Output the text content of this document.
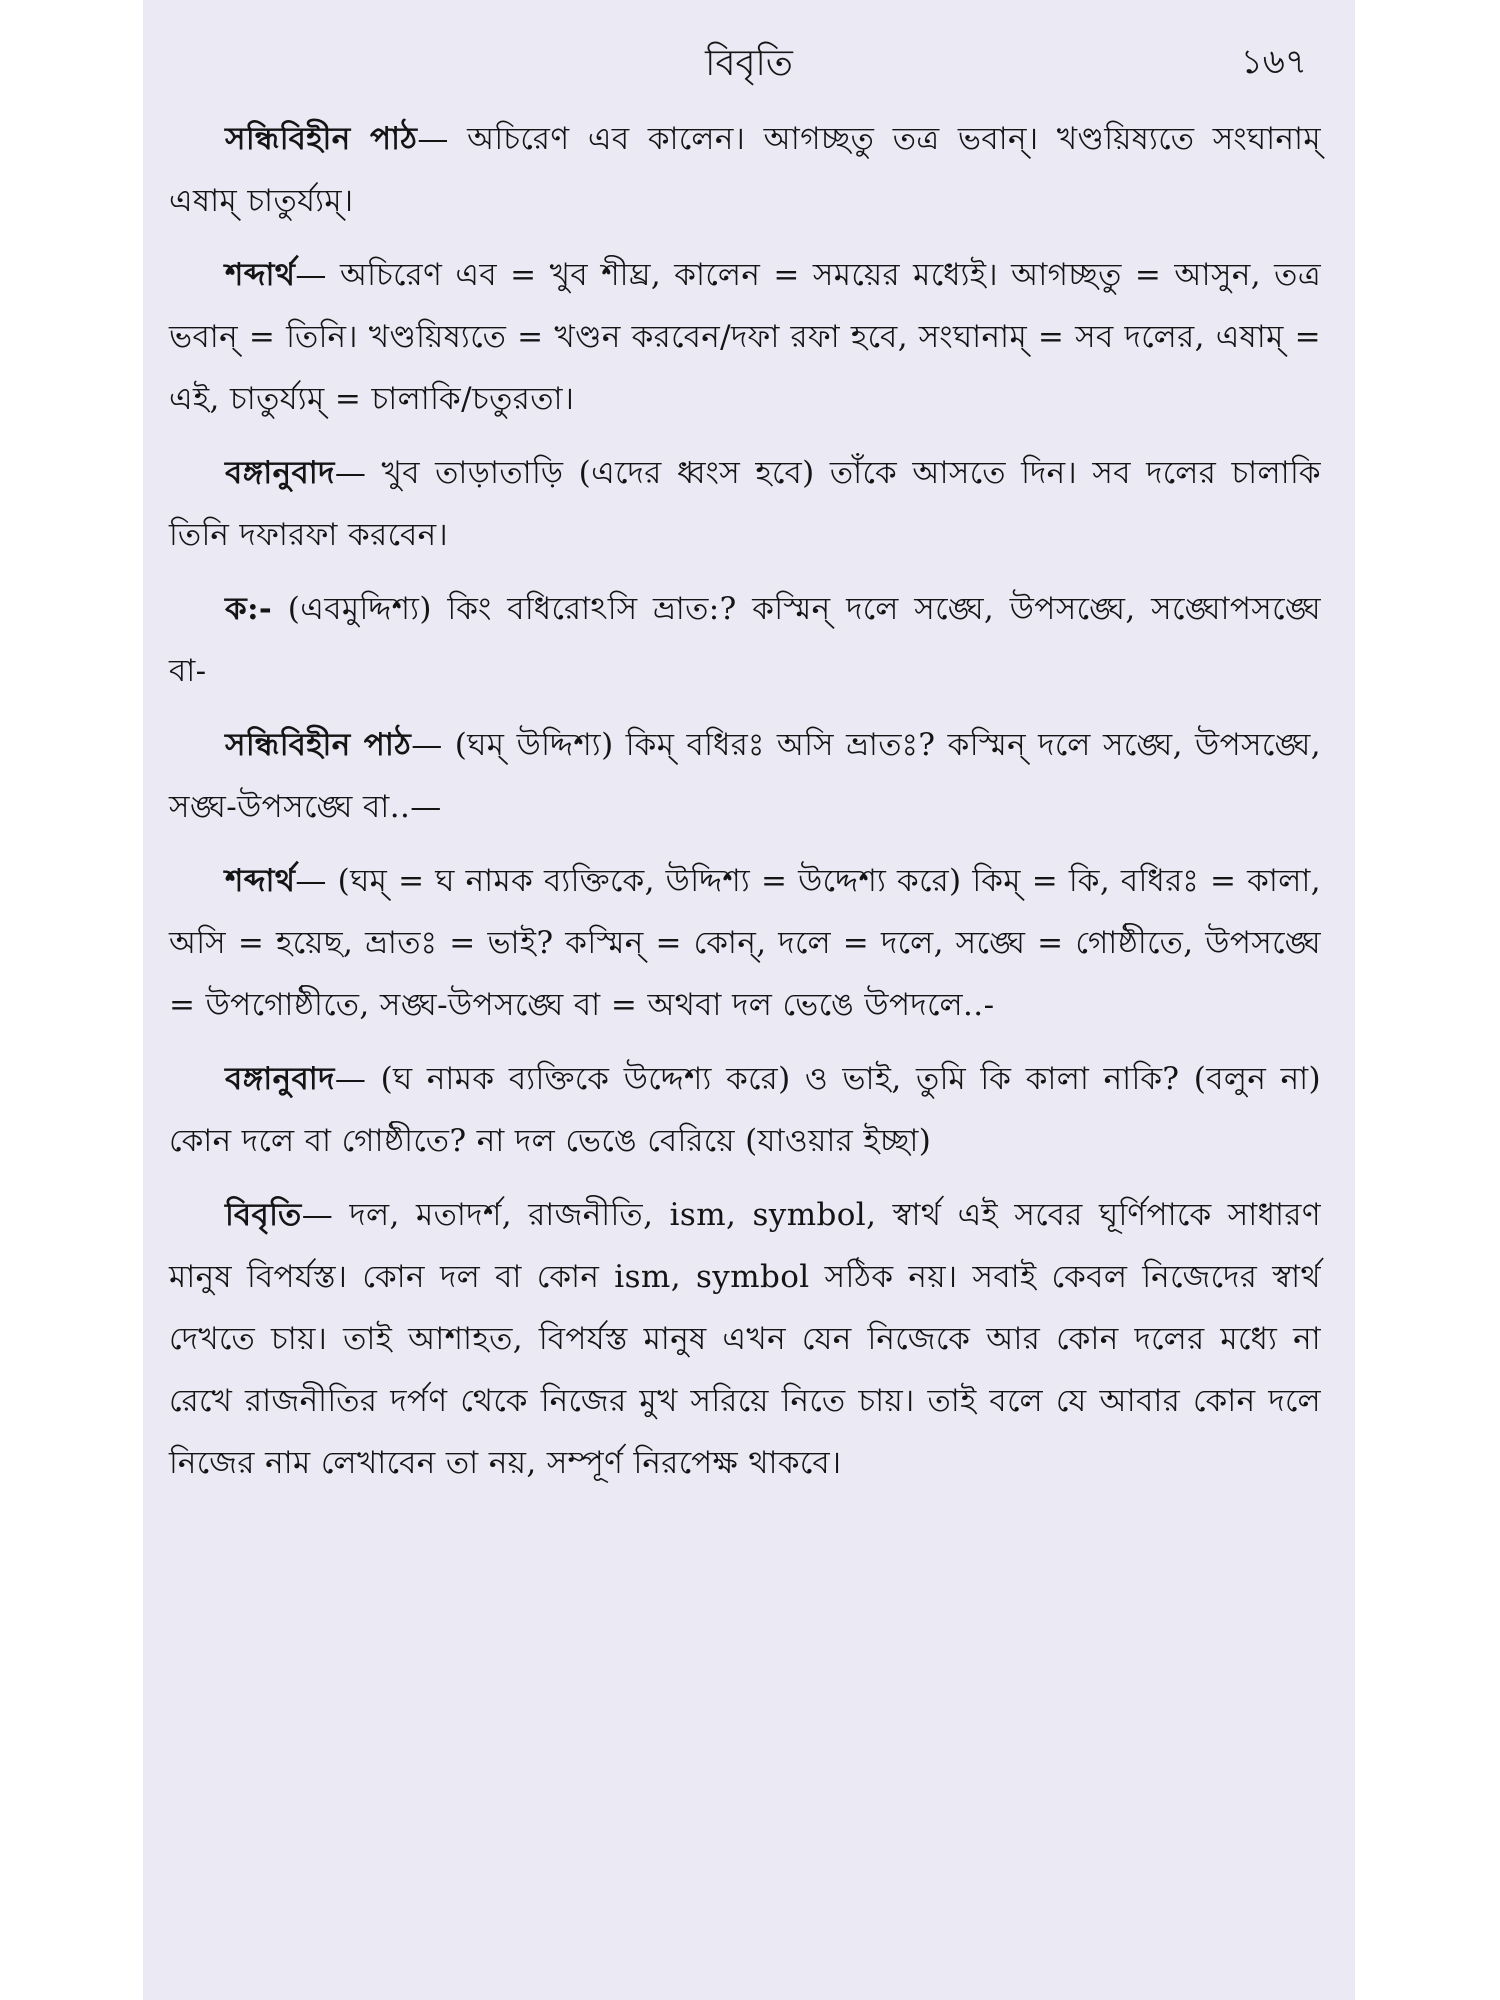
বিবৃতি	১৬৭

সন্ধিবিহীন পাঠ— অচিরেণ এব কালেন। আগচ্ছতু তত্র ভবান্। খণ্ডয়িষ্যতে সংঘানাম্ এষাম্ চাতুর্য্যম্।

শব্দার্থ— অচিরেণ এব = খুব শীঘ্র, কালেন = সময়ের মধ্যেই। আগচ্ছতু = আসুন, তত্র ভবান্ = তিনি। খণ্ডয়িষ্যতে = খণ্ডন করবেন/দফা রফা হবে, সংঘানাম্ = সব দলের, এষাম্ = এই, চাতুর্য্যম্ = চালাকি/চতুরতা।

বঙ্গানুবাদ— খুব তাড়াতাড়ি (এদের ধ্বংস হবে) তাঁকে আসতে দিন। সব দলের চালাকি তিনি দফারফা করবেন।

ক:- (এবমুদ্দিশ্য) কিং বধিরোঽসি ভ্রাত:? কস্মিন্ দলে সঙ্ঘে, উপসঙ্ঘে, সঙ্ঘোপসঙ্ঘে বা-

সন্ধিবিহীন পাঠ— (ঘম্ উদ্দিশ্য) কিম্ বধিরঃ অসি ভ্রাতঃ? কস্মিন্ দলে সঙ্ঘে, উপসঙ্ঘে, সঙ্ঘ-উপসঙ্ঘে বা..—

শব্দার্থ— (ঘম্ = ঘ নামক ব্যক্তিকে, উদ্দিশ্য = উদ্দেশ্য করে) কিম্ = কি, বধিরঃ = কালা, অসি = হয়েছ, ভ্রাতঃ = ভাই? কস্মিন্ = কোন্, দলে = দলে, সঙ্ঘে = গোষ্ঠীতে, উপসঙ্ঘে = উপগোষ্ঠীতে, সঙ্ঘ-উপসঙ্ঘে বা = অথবা দল ভেঙে উপদলে..-

বঙ্গানুবাদ— (ঘ নামক ব্যক্তিকে উদ্দেশ্য করে) ও ভাই, তুমি কি কালা নাকি? (বলুন না) কোন দলে বা গোষ্ঠীতে? না দল ভেঙে বেরিয়ে (যাওয়ার ইচ্ছা)

বিবৃতি— দল, মতাদর্শ, রাজনীতি, ism, symbol, স্বার্থ এই সবের ঘূর্ণিপাকে সাধারণ মানুষ বিপর্যস্ত। কোন দল বা কোন ism, symbol সঠিক নয়। সবাই কেবল নিজেদের স্বার্থ দেখতে চায়। তাই আশাহত, বিপর্যস্ত মানুষ এখন যেন নিজেকে আর কোন দলের মধ্যে না রেখে রাজনীতির দর্পণ থেকে নিজের মুখ সরিয়ে নিতে চায়। তাই বলে যে আবার কোন দলে নিজের নাম লেখাবেন তা নয়, সম্পূর্ণ নিরপেক্ষ থাকবে।
